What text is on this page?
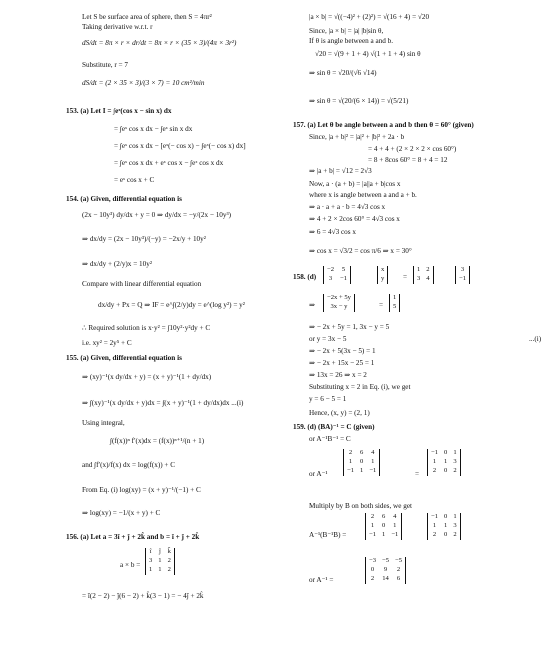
Let S be surface area of sphere, then S = 4πr²
Taking derivative w.r.t. r
dS/dt = 8π × r × dr/dt = 8π × r × (35 × 3)/(4π × 3r²)
Substitute, r = 7
dS/dt = (2 × 35 × 3)/(3 × 7) = 10 cm²/min
153. (a) Let I = ∫eˣ(cos x − sin x) dx
= ∫eˣ cos x dx − ∫eˣ sin x dx
= ∫eˣ cos x dx − [eˣ(− cos x) − ∫eˣ(− cos x) dx]
= ∫eˣ cos x dx + eˣ cos x − ∫eˣ cos x dx
= eˣ cos x + C
154. (a) Given, differential equation is
(2x − 10y³) dy/dx + y = 0 ⇒ dy/dx = −y/(2x − 10y³)
⇒ dx/dy = (2x − 10y³)/(−y) = −2x/y + 10y²
⇒ dx/dy + (2/y)x = 10y²
Compare with linear differential equation
dx/dy + Px = Q ⇒ IF = e^∫(2/y)dy = e^(log y²) = y²
∴ Required solution is x·y² = ∫10y²·y²dy + C
i.e. xy² = 2y⁵ + C
155. (a) Given, differential equation is
⇒ (xy)⁻¹(x dy/dx + y) = (x + y)⁻¹(1 + dy/dx)
⇒ ∫(xy)⁻¹(x dy/dx + y)dx = ∫(x + y)⁻¹(1 + dy/dx)dx ...(i)
Using integral,
∫(f(x))ⁿ f′(x)dx = (f(x))ⁿ⁺¹/(n + 1)
and ∫f′(x)/f(x) dx = log(f(x)) + C
From Eq. (i) log(xy) = (x + y)⁻¹/(−1) + C
⇒ log(xy) = −1/(x + y) + C
156. (a) Let a = 3î + ĵ + 2k̂ and b = î + ĵ + 2k̂
a × b =
î	ĵ	k̂
3	1	2
1	1	2
= î(2 − 2) − ĵ(6 − 2) + k̂(3 − 1) = − 4ĵ + 2k̂
|a × b| = √((−4)² + (2)²) = √(16 + 4) = √20
Since, |a × b| = |a| |b|sin θ,
If θ is angle between a and b.
√20 = √(9 + 1 + 4) √(1 + 1 + 4) sin θ
⇒ sin θ = √20/(√6 √14)
⇒ sin θ = √(20/(6 × 14)) = √(5/21)
157. (a) Let θ be angle between a and b then θ = 60° (given)
Since, |a + b|² = |a|² + |b|² + 2a · b
= 4 + 4 + (2 × 2 × 2 × cos 60°)
= 8 + 8cos 60° = 8 + 4 = 12
⇒ |a + b| = √12 = 2√3
Now, a · (a + b) = |a||a + b|cos x
where x is angle between a and a + b.
⇒ a · a + a · b = 4√3 cos x
⇒ 4 + 2 × 2cos 60° = 4√3 cos x
⇒ 6 = 4√3 cos x
⇒ cos x = √3/2 = cos π/6 ⇒ x = 30°
158. (d)
−2	5
3	−1
x
y	=
1	2
3	4
3
−1
⇒
−2x + 5y
3x − y	=
1
5
⇒ − 2x + 5y = 1, 3x − y = 5
or y = 3x − 5	...(i)
⇒ − 2x + 5(3x − 5) = 1
⇒ − 2x + 15x − 25 = 1
⇒ 13x = 26 ⇒ x = 2
Substituting x = 2 in Eq. (i), we get
y = 6 − 5 = 1
Hence, (x, y) = (2, 1)
159. (d) (BA)⁻¹ = C (given)
or A⁻¹B⁻¹ = C
or A⁻¹
2	6	4
1	0	1
−1	1	−1	=
−1	0	1
1	1	3
2	0	2
Multiply by B on both sides, we get
A⁻¹(B⁻¹B) =
2	6	4
1	0	1
−1	1	−1
−1	0	1
1	1	3
2	0	2
or A⁻¹ =
−3	−5	−5
0	9	2
2	14	6
